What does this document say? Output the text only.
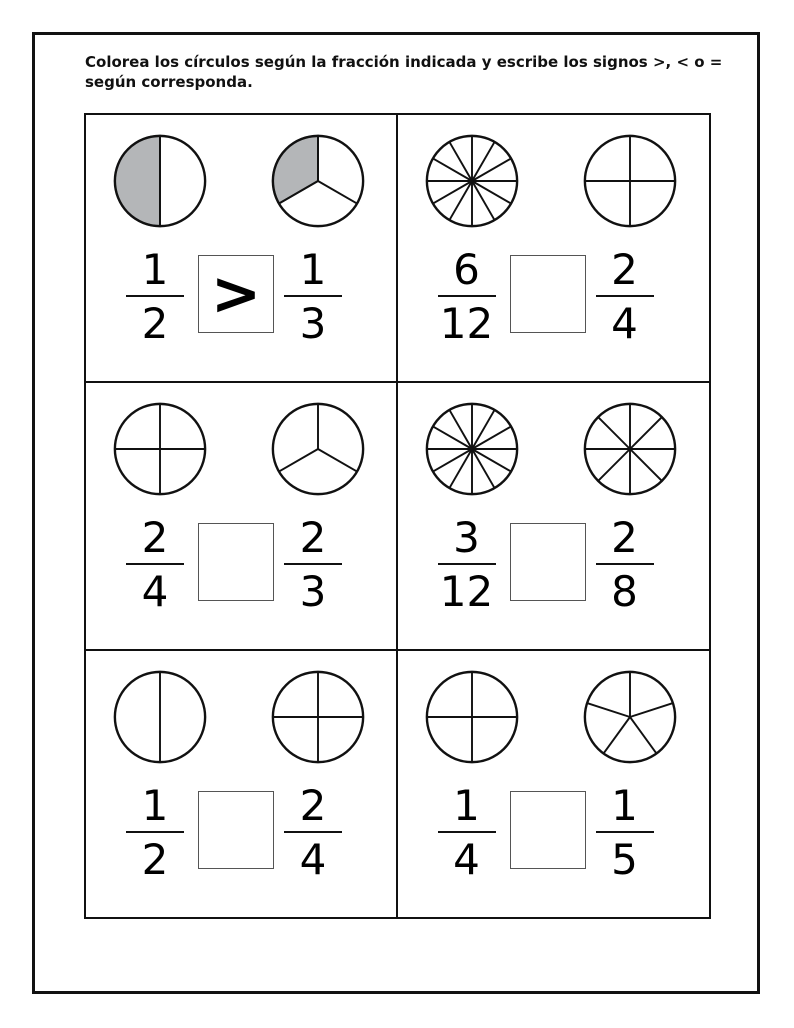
Colorea los círculos según la fracción indicada y escribe los signos >, < o =
según corresponda.
1
2 > 1
3
6
12
2
4
2
4
2
3
3
12
2
8
1
2
2
4
1
4
1
5
